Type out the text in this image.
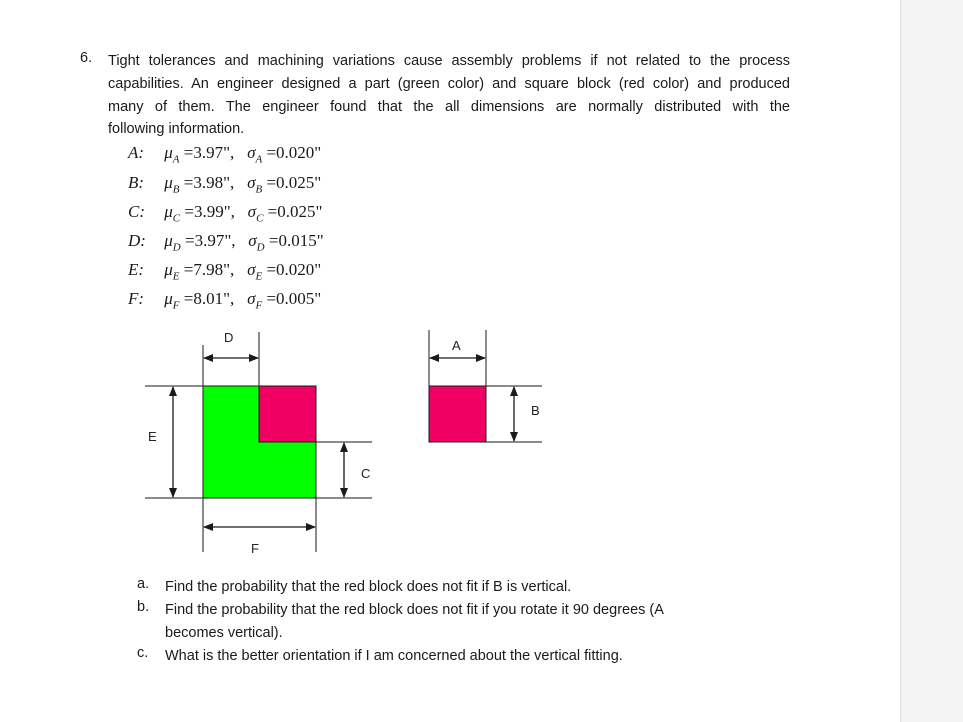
6. Tight tolerances and machining variations cause assembly problems if not related to the process
capabilities. An engineer designed a part (green color) and square block (red color) and produced
many of them. The engineer found that the all dimensions are normally distributed with the
following information.
A: $\mu_A =3.97$", $\sigma_A =0.020$"
B: $\mu_B =3.98$", $\sigma_B =0.025$"
C: $\mu_C =3.99$", $\sigma_C =0.025$"
D: $\mu_D =3.97$", $\sigma_D =0.015$"
E: $\mu_E =7.98$", $\sigma_E =0.020$"
F: $\mu_F =8.01$", $\sigma_F =0.005$"
D
E
C
F
A
B
a. Find the probability that the red block does not fit if B is vertical.
b. Find the probability that the red block does not fit if you rotate it 90 degrees (A
becomes vertical).
c. What is the better orientation if I am concerned about the vertical fitting.
